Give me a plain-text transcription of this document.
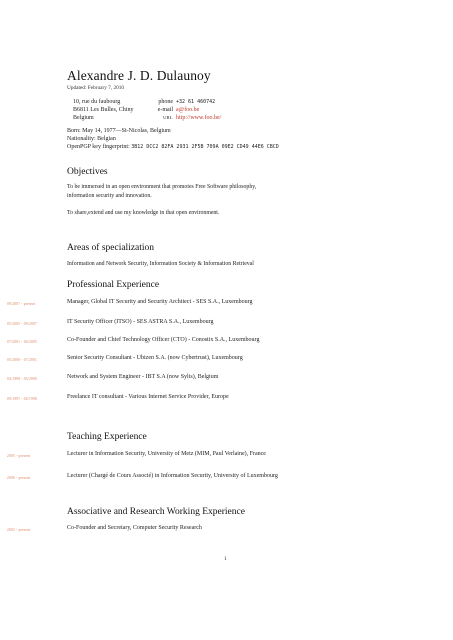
Alexandre J. D. Dulaunoy
Updated: February 7, 2010
10, rue du faubourg
B6811 Les Bulles, Chiny
Belgium
phone +32 61 460742
e-mail a@foo.be
URL http://www.foo.be/
Born: May 14, 1977—St-Nicolas, Belgium
Nationality: Belgian
OpenPGP key fingerprint: 3B12 DCC2 82FA 2931 2F5B 709A 09E2 CD49 44E6 CBCD
Objectives
To be immersed in an open environment that promotes Free Software philosophy,
information security and innovation.
To share,extend and use my knowledge in that open environment.
Areas of specialization
Information and Network Security, Information Society & Information Retrieval
Professional Experience
09/2007 - present	Manager, Global IT Security and Security Architect - SES S.A., Luxembourg
05/2005 - 09/2007	IT Security Officer (ITSO) - SES ASTRA S.A., Luxembourg
07/2001 - 04/2005	Co-Founder and Chief Technology Officer (CTO) - Conostix S.A., Luxembourg
05/2000 - 07/2001	Senior Security Consultant - Ubizen S.A. (now Cybertrust), Luxembourg
04/1998 - 05/2000	Network and System Engineer - IBT S.A (now Sylis), Belgium
09/1997 - 04/1998	Freelance IT consultant - Various Internet Service Provider, Europe
Teaching Experience
2005 - present	Lecturer in Information Security, University of Metz (MIM, Paul Verlaine), France
2006 - present	Lecturer (Chargé de Cours Associé) in Information Security, University of Luxembourg
Associative and Research Working Experience
2002 - present	Co-Founder and Secretary, Computer Security Research
1
